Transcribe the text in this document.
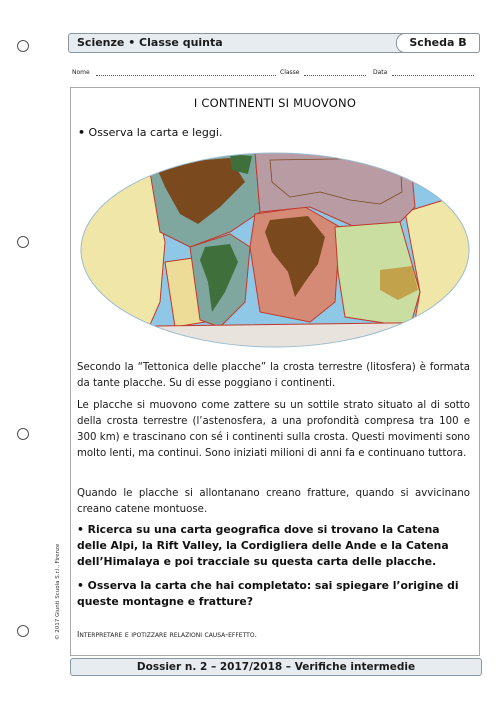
Scienze • Classe quinta	Scheda B
Nome	Classe	Data
I CONTINENTI SI MUOVONO
• Osserva la carta e leggi.
Secondo la “Tettonica delle placche” la crosta terrestre (litosfera) è formata da tante placche. Su di esse poggiano i continenti.
Le placche si muovono come zattere su un sottile strato situato al di sotto della crosta terrestre (l’astenosfera, a una profondità compresa tra 100 e 300 km) e trascinano con sé i continenti sulla crosta. Questi movimenti sono molto lenti, ma continui. Sono iniziati milioni di anni fa e continuano tuttora.
Quando le placche si allontanano creano fratture, quando si avvicinano creano catene montuose.
• Ricerca su una carta geografica dove si trovano la Catena delle Alpi, la Rift Valley, la Cordigliera delle Ande e la Catena dell’Himalaya e poi tracciale su questa carta delle placche.
• Osserva la carta che hai completato: sai spiegare l’origine di queste montagne e fratture?
Interpretare e ipotizzare relazioni causa-effetto.
© 2017 Giunti Scuola S.r.l., Firenze
Dossier n. 2 – 2017/2018 – Verifiche intermedie
